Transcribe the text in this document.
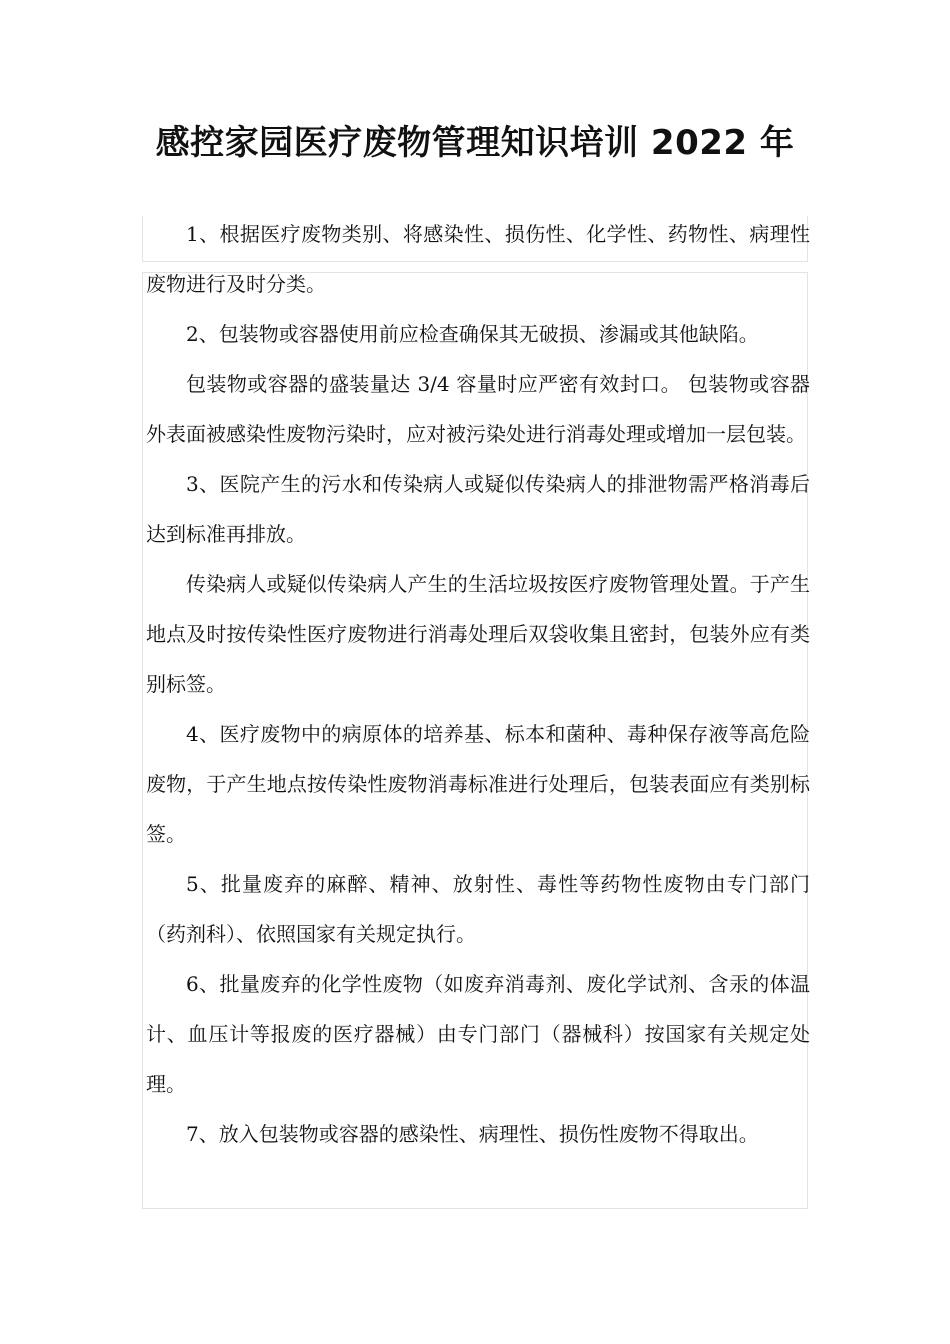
感控家园医疗废物管理知识培训 2022 年

1、根据医疗废物类别、将感染性、损伤性、化学性、药物性、病理性废物进行及时分类。

2、包装物或容器使用前应检查确保其无破损、渗漏或其他缺陷。

包装物或容器的盛装量达 3/4 容量时应严密有效封口。 包装物或容器外表面被感染性废物污染时，应对被污染处进行消毒处理或增加一层包装。

3、医院产生的污水和传染病人或疑似传染病人的排泄物需严格消毒后达到标准再排放。

传染病人或疑似传染病人产生的生活垃圾按医疗废物管理处置。于产生地点及时按传染性医疗废物进行消毒处理后双袋收集且密封，包装外应有类别标签。

4、医疗废物中的病原体的培养基、标本和菌种、毒种保存液等高危险废物，于产生地点按传染性废物消毒标准进行处理后，包装表面应有类别标签。

5、批量废弃的麻醉、精神、放射性、毒性等药物性废物由专门部门（药剂科）、依照国家有关规定执行。

6、批量废弃的化学性废物（如废弃消毒剂、废化学试剂、含汞的体温计、血压计等报废的医疗器械）由专门部门（器械科）按国家有关规定处理。

7、放入包装物或容器的感染性、病理性、损伤性废物不得取出。
